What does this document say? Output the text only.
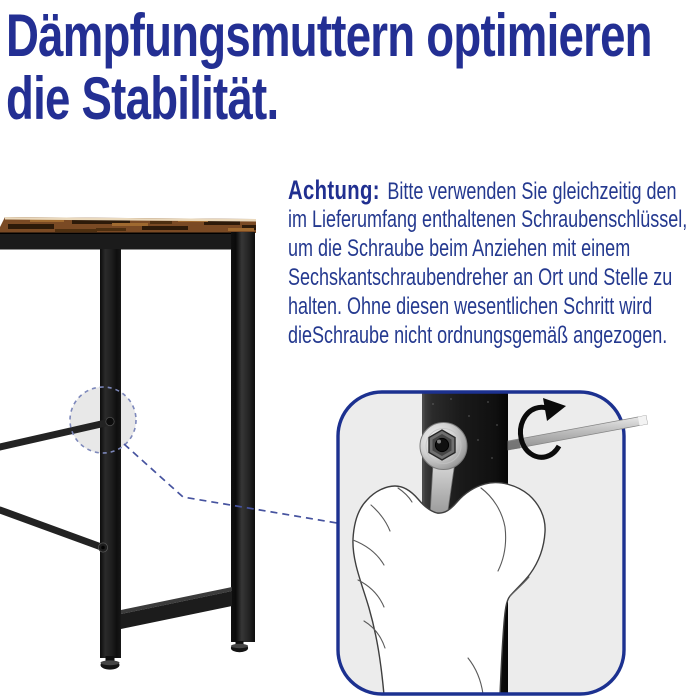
Dämpfungsmuttern optimieren
die Stabilität.
Achtung: Bitte verwenden Sie gleichzeitig den
im Lieferumfang enthaltenen Schraubenschlüssel,
um die Schraube beim Anziehen mit einem
Sechskantschraubendreher an Ort und Stelle zu
halten. Ohne diesen wesentlichen Schritt wird
dieSchraube nicht ordnungsgemäß angezogen.
